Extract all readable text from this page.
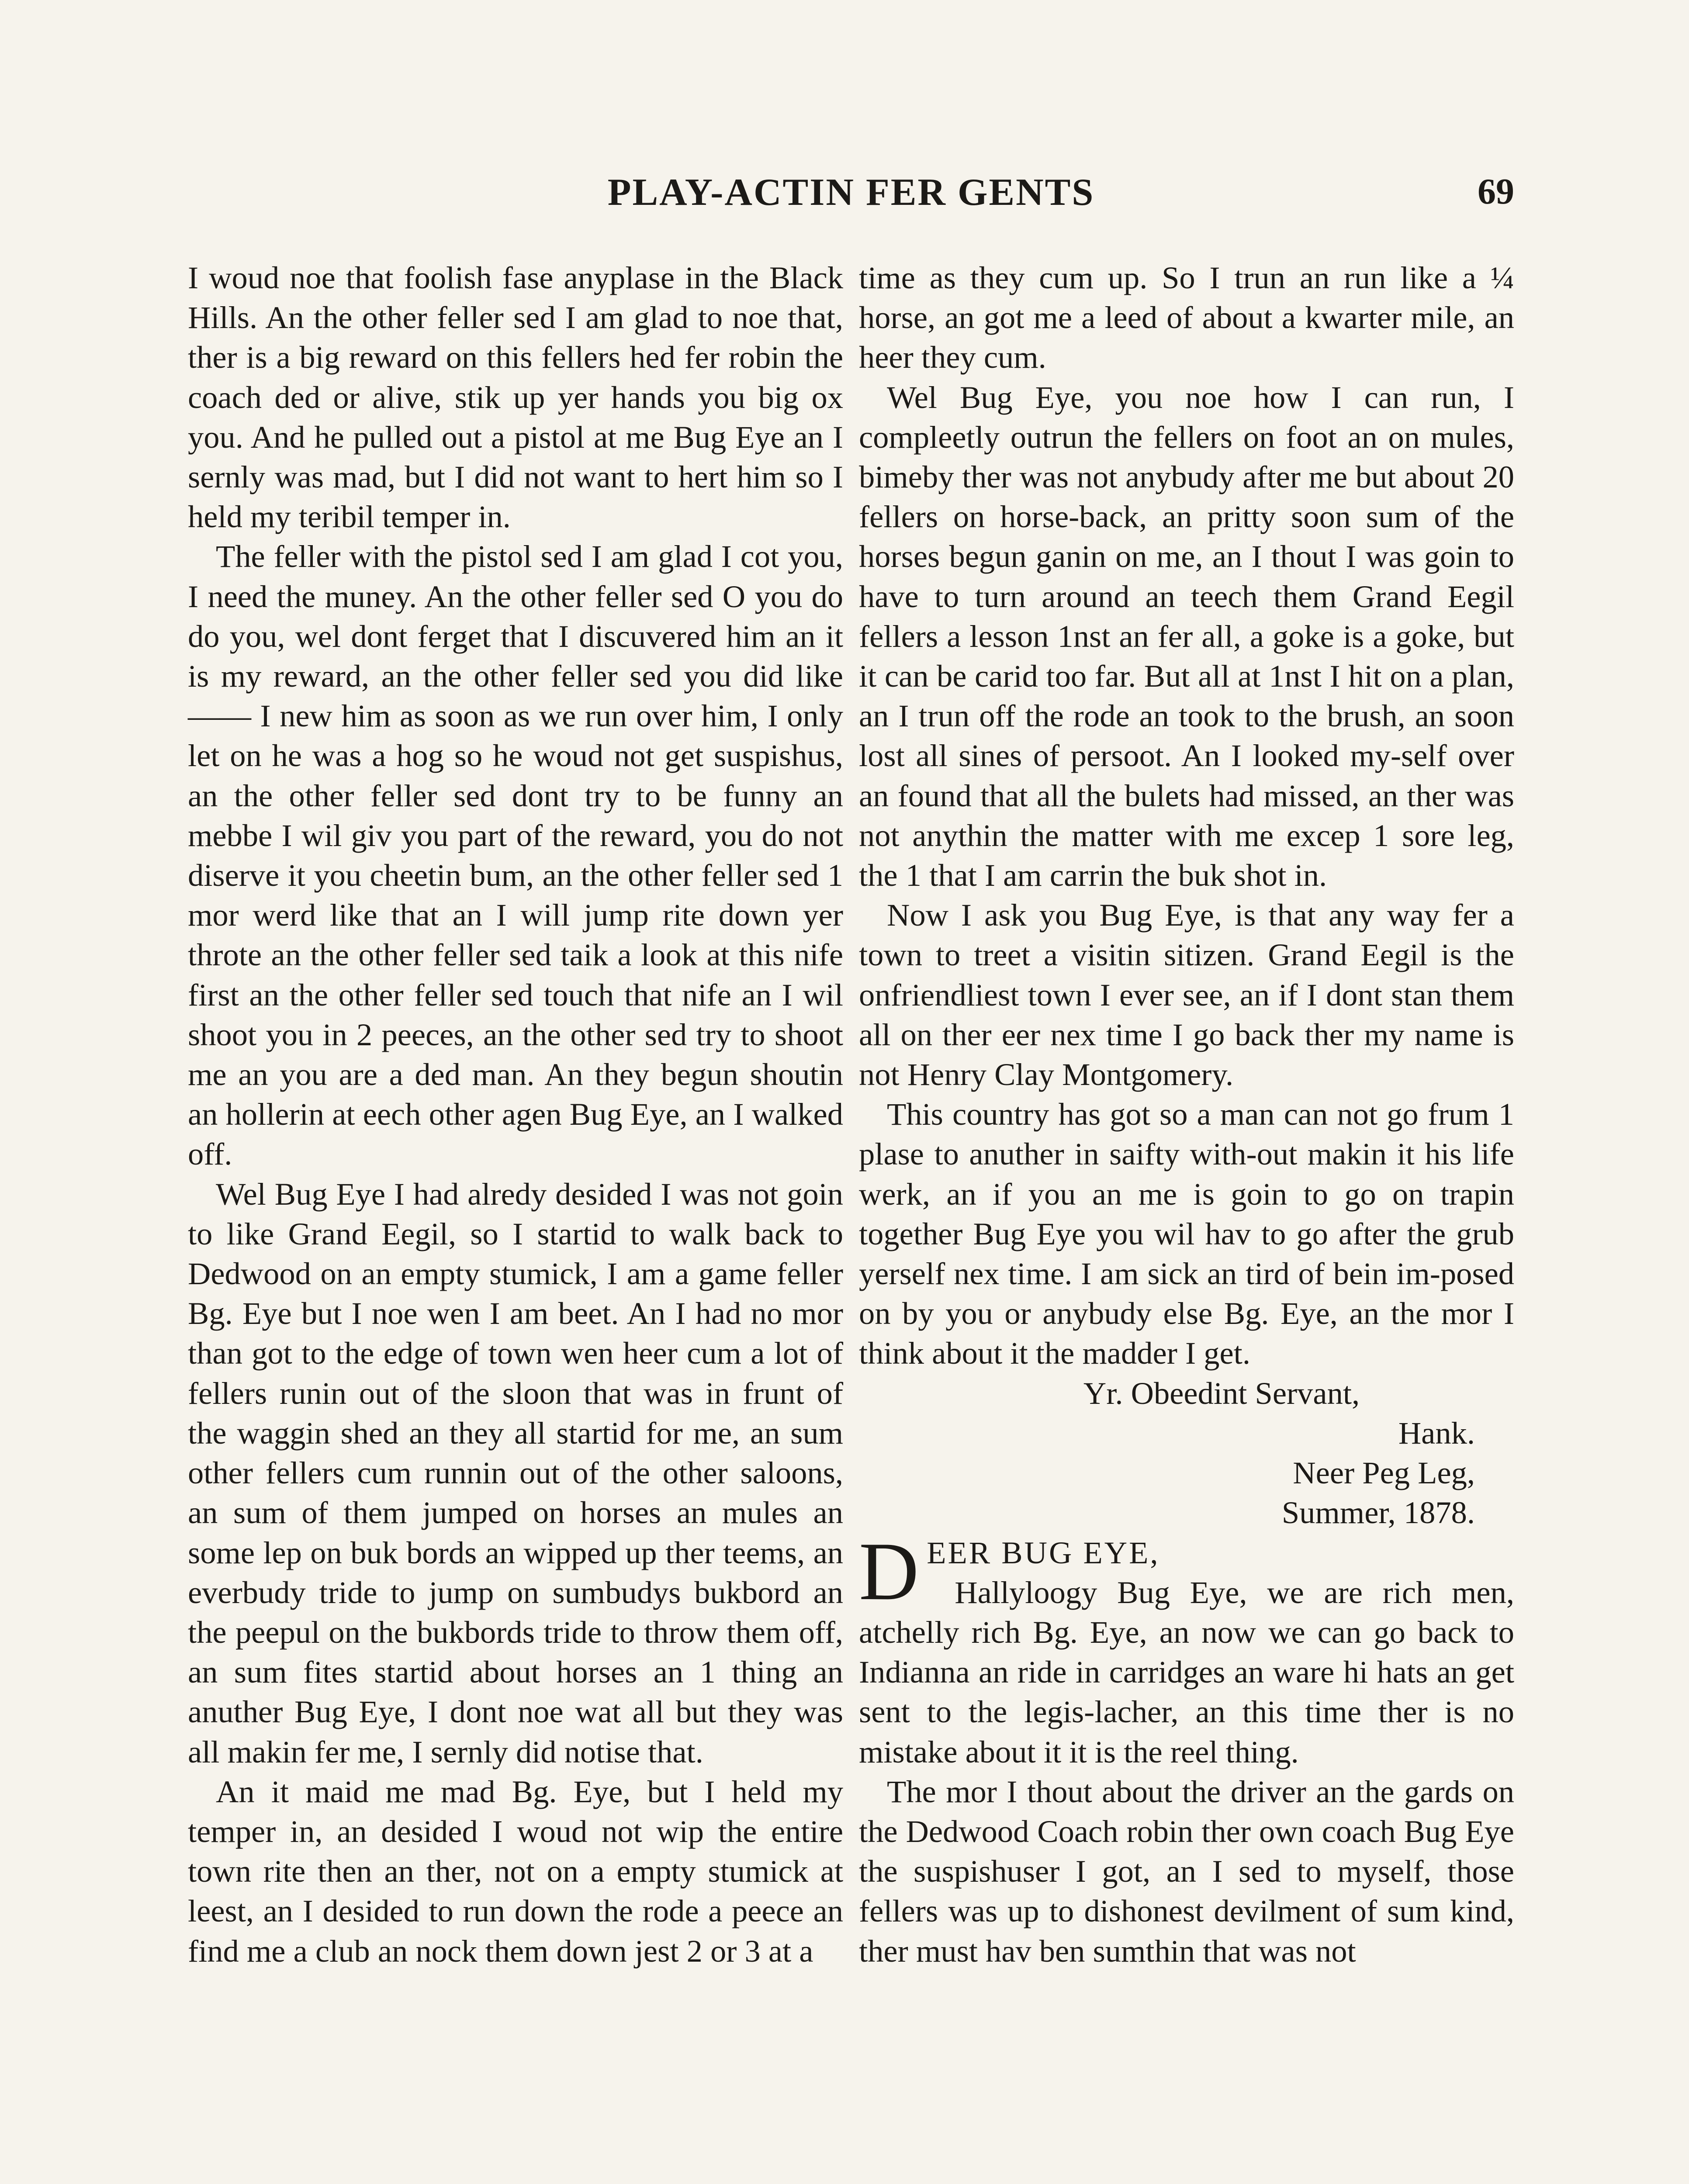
PLAY-ACTIN FER GENTS	69

I woud noe that foolish fase anyplase in the Black Hills. An the other feller sed I am glad to noe that, ther is a big reward on this fellers hed fer robin the coach ded or alive, stik up yer hands you big ox you. And he pulled out a pistol at me Bug Eye an I sernly was mad, but I did not want to hert him so I held my teribil temper in.

The feller with the pistol sed I am glad I cot you, I need the muney. An the other feller sed O you do do you, wel dont ferget that I discuvered him an it is my reward, an the other feller sed you did like —— I new him as soon as we run over him, I only let on he was a hog so he woud not get suspishus, an the other feller sed dont try to be funny an mebbe I wil giv you part of the reward, you do not diserve it you cheetin bum, an the other feller sed 1 mor werd like that an I will jump rite down yer throte an the other feller sed taik a look at this nife first an the other feller sed touch that nife an I wil shoot you in 2 peeces, an the other sed try to shoot me an you are a ded man. An they begun shoutin an hollerin at eech other agen Bug Eye, an I walked off.

Wel Bug Eye I had alredy desided I was not goin to like Grand Eegil, so I startid to walk back to Dedwood on an empty stumick, I am a game feller Bg. Eye but I noe wen I am beet. An I had no mor than got to the edge of town wen heer cum a lot of fellers runin out of the sloon that was in frunt of the waggin shed an they all startid for me, an sum other fellers cum runnin out of the other saloons, an sum of them jumped on horses an mules an some lep on buk bords an wipped up ther teems, an everbudy tride to jump on sumbudys bukbord an the peepul on the bukbords tride to throw them off, an sum fites startid about horses an 1 thing an anuther Bug Eye, I dont noe wat all but they was all makin fer me, I sernly did notise that.

An it maid me mad Bg. Eye, but I held my temper in, an desided I woud not wip the entire town rite then an ther, not on a empty stumick at leest, an I desided to run down the rode a peece an find me a club an nock them down jest 2 or 3 at a

time as they cum up. So I trun an run like a ¼ horse, an got me a leed of about a kwarter mile, an heer they cum.

Wel Bug Eye, you noe how I can run, I compleetly outrun the fellers on foot an on mules, bimeby ther was not anybudy after me but about 20 fellers on horse-back, an pritty soon sum of the horses begun ganin on me, an I thout I was goin to have to turn around an teech them Grand Eegil fellers a lesson 1nst an fer all, a goke is a goke, but it can be carid too far. But all at 1nst I hit on a plan, an I trun off the rode an took to the brush, an soon lost all sines of persoot. An I looked my-self over an found that all the bulets had missed, an ther was not anythin the matter with me excep 1 sore leg, the 1 that I am carrin the buk shot in.

Now I ask you Bug Eye, is that any way fer a town to treet a visitin sitizen. Grand Eegil is the onfriendliest town I ever see, an if I dont stan them all on ther eer nex time I go back ther my name is not Henry Clay Montgomery.

This country has got so a man can not go frum 1 plase to anuther in saifty with-out makin it his life werk, an if you an me is goin to go on trapin together Bug Eye you wil hav to go after the grub yerself nex time. I am sick an tird of bein im-posed on by you or anybudy else Bg. Eye, an the mor I think about it the madder I get.

Yr. Obeedint Servant,

Hank.

Neer Peg Leg,

Summer, 1878.

DEER BUG EYE,

Hallyloogy Bug Eye, we are rich men, atchelly rich Bg. Eye, an now we can go back to Indianna an ride in carridges an ware hi hats an get sent to the legis-lacher, an this time ther is no mistake about it it is the reel thing.

The mor I thout about the driver an the gards on the Dedwood Coach robin ther own coach Bug Eye the suspishuser I got, an I sed to myself, those fellers was up to dishonest devilment of sum kind, ther must hav ben sumthin that was not
